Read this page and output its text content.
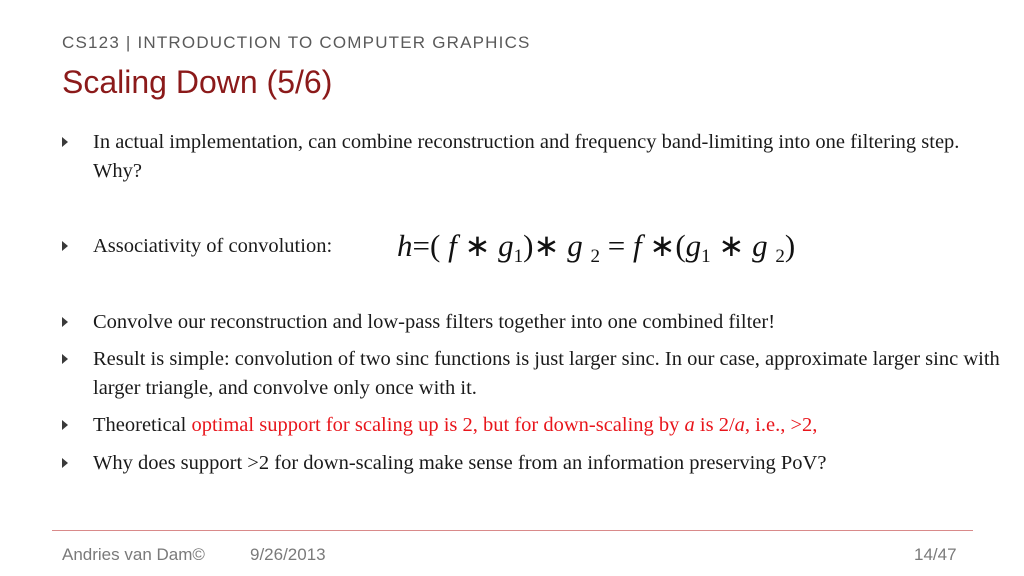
CS123 | INTRODUCTION TO COMPUTER GRAPHICS
Scaling Down (5/6)
In actual implementation, can combine reconstruction and frequency band-limiting into one filtering step. Why?
Associativity of convolution:	h=( f ∗ $g_1)∗$ g $_2$ = f $∗(g_1$ ∗ g $_2$)
Convolve our reconstruction and low-pass filters together into one combined filter!
Result is simple: convolution of two sinc functions is just larger sinc. In our case, approximate larger sinc with larger triangle, and convolve only once with it.
Theoretical optimal support for scaling up is 2, but for down-scaling by a is 2/a, i.e., >2,
Why does support >2 for down-scaling make sense from an information preserving PoV?
Andries van Dam©	9/26/2013	14/47
